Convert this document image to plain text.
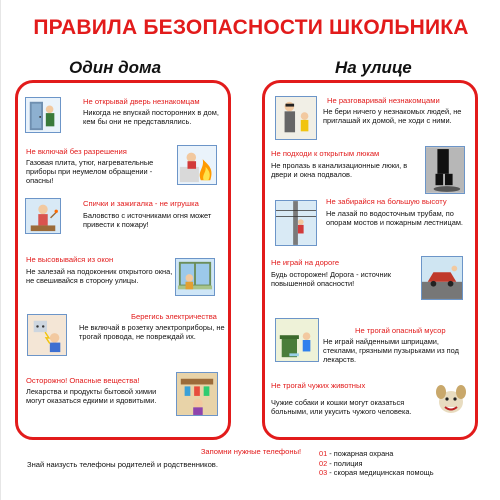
ПРАВИЛА БЕЗОПАСНОСТИ ШКОЛЬНИКА
Один дома	На улице
Не открывай дверь незнакомцам
Никогда не впускай посторонних в дом, кем бы они не представлялись.
Не включай без разрешения
Газовая плита, утюг, нагревательные приборы при неумелом обращении - опасны!
Спички и зажигалка - не игрушка
Баловство с источниками огня может привести к пожару!
Не высовывайся из окон
Не залезай на подоконник открытого окна, не свешивайся в сторону улицы.
Берегись электричества
Не включай в розетку электроприборы, не трогай провода, не повреждай их.
Осторожно! Опасные вещества!
Лекарства и продукты бытовой химии могут оказаться едкими и ядовитыми.
Не разговаривай незнакомцами
Не бери ничего у незнакомых людей, не приглашай их домой, не ходи с ними.
Не подходи к открытым люкам
Не пролазь в канализационные люки, в двери и окна подвалов.
Не забирайся на большую высоту
Не лазай по водосточным трубам, по опорам мостов и пожарным лестницам.
Не играй на дороге
Будь осторожен! Дорога - источник повышенной опасности!
Не трогай опасный мусор
Не играй найденными шприцами, стеклами, грязными пузырьками из под лекарств.
Не трогай чужих животных
Чужие собаки и кошки могут оказаться больными, или укусить чужого человека.
Запомни нужные телефоны!
Знай наизусть телефоны родителей и родственников.
01 - пожарная охрана
02 - полиция
03 - скорая медицинская помощь
